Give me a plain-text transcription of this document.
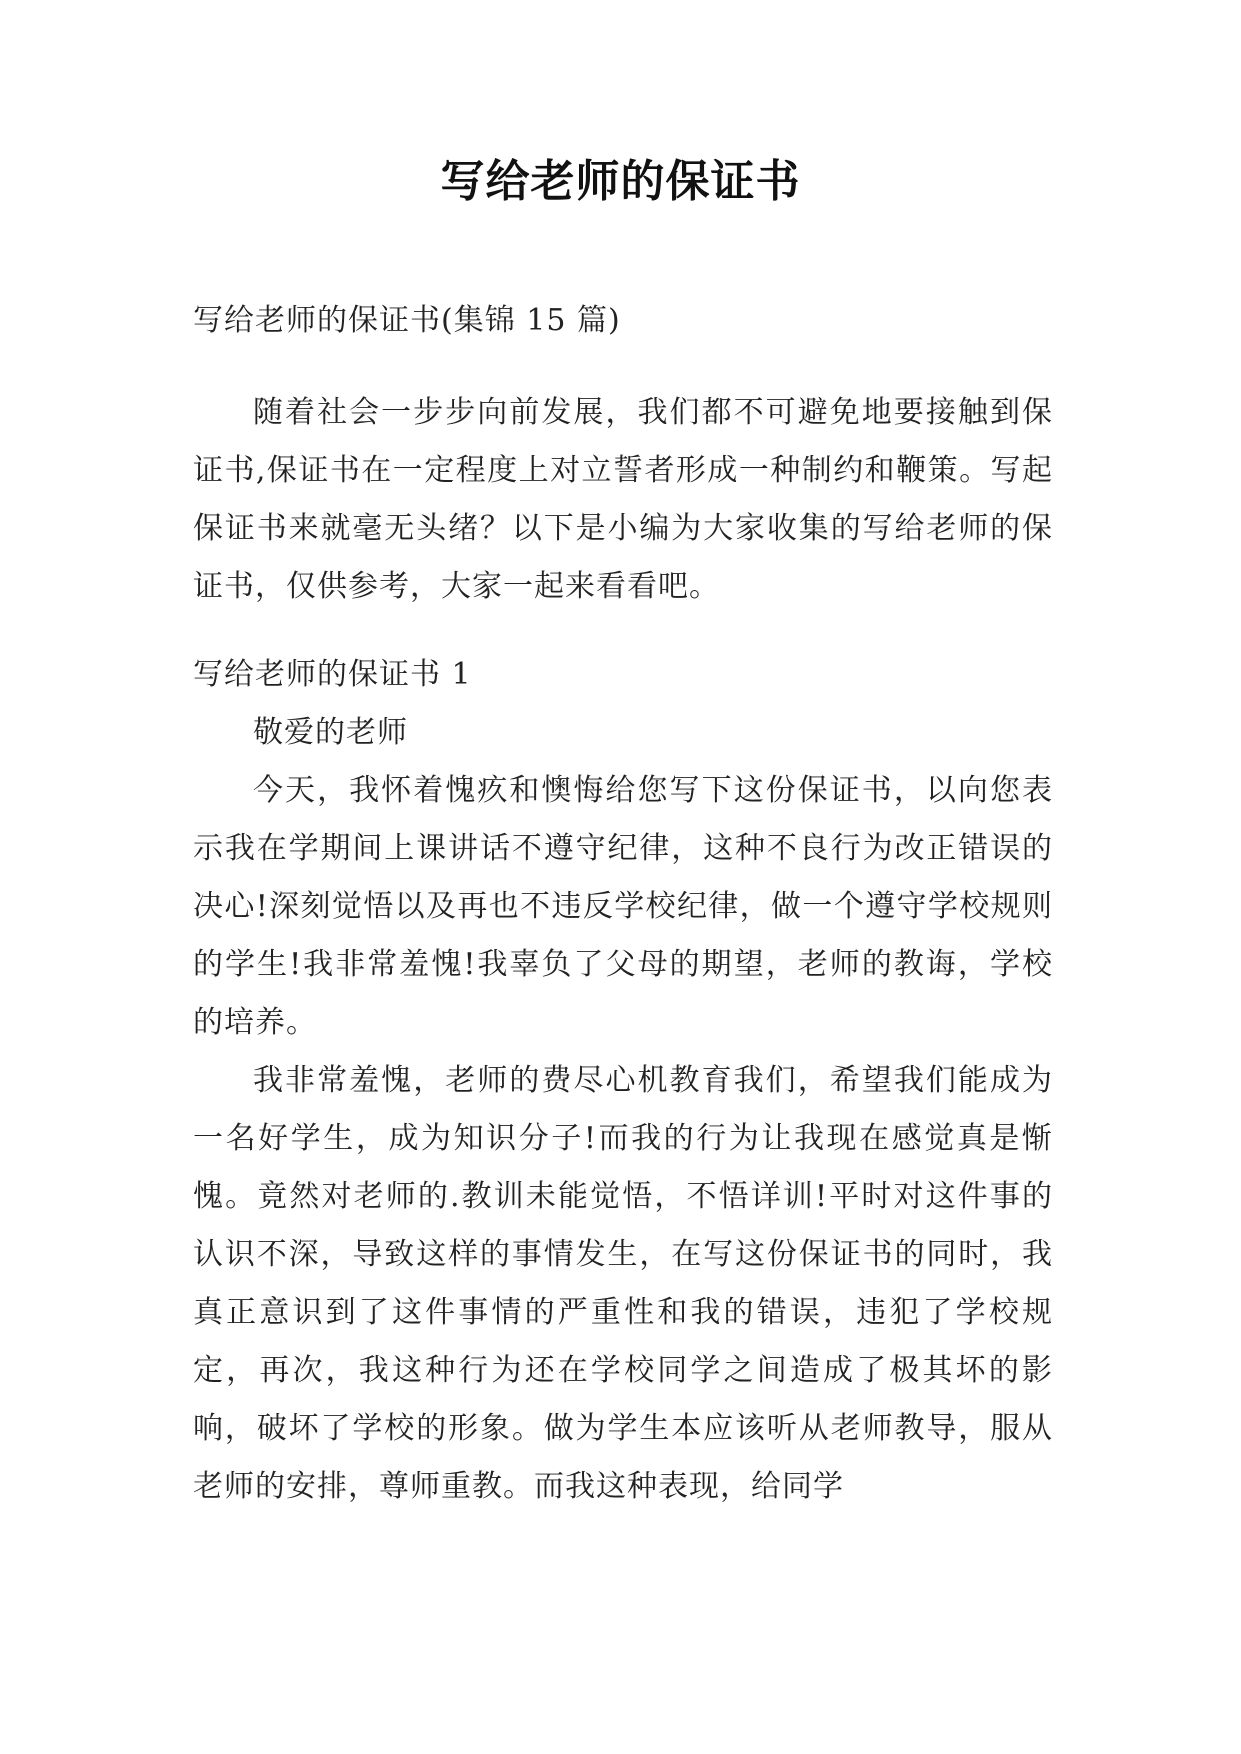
写给老师的保证书

写给老师的保证书(集锦 15 篇)

随着社会一步步向前发展，我们都不可避免地要接触到保证书,保证书在一定程度上对立誓者形成一种制约和鞭策。写起保证书来就毫无头绪？以下是小编为大家收集的写给老师的保证书，仅供参考，大家一起来看看吧。

写给老师的保证书 1

敬爱的老师

今天，我怀着愧疚和懊悔给您写下这份保证书，以向您表示我在学期间上课讲话不遵守纪律，这种不良行为改正错误的决心!深刻觉悟以及再也不违反学校纪律，做一个遵守学校规则的学生!我非常羞愧!我辜负了父母的期望，老师的教诲，学校的培养。

我非常羞愧，老师的费尽心机教育我们，希望我们能成为一名好学生，成为知识分子!而我的行为让我现在感觉真是惭愧。竟然对老师的.教训未能觉悟，不悟详训!平时对这件事的认识不深，导致这样的事情发生，在写这份保证书的同时，我真正意识到了这件事情的严重性和我的错误，违犯了学校规定，再次，我这种行为还在学校同学之间造成了极其坏的影响，破坏了学校的形象。做为学生本应该听从老师教导，服从老师的安排，尊师重教。而我这种表现，给同学
